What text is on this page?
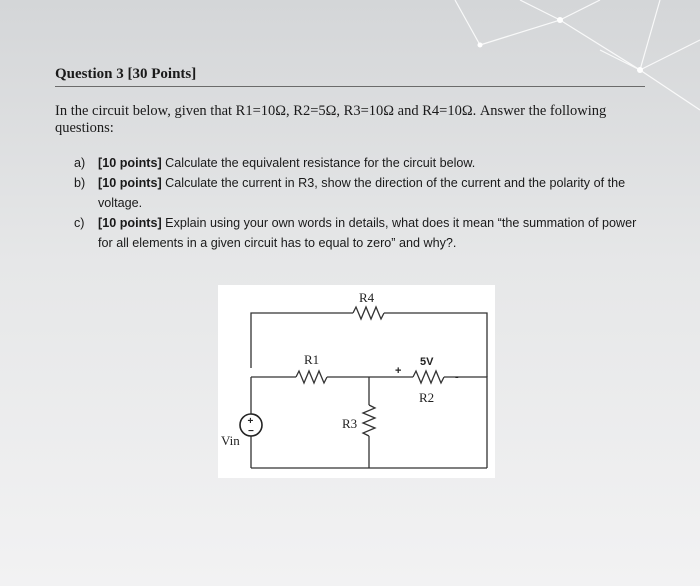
Question 3 [30 Points]
In the circuit below, given that R1=10Ω, R2=5Ω, R3=10Ω and R4=10Ω. Answer the following questions:
a) [10 points] Calculate the equivalent resistance for the circuit below.
b) [10 points] Calculate the current in R3, show the direction of the current and the polarity of the voltage.
c) [10 points] Explain using your own words in details, what does it mean “the summation of power for all elements in a given circuit has to equal to zero” and why?.
+
−
R4
R1	5V
+	-
R2
R3
Vin
